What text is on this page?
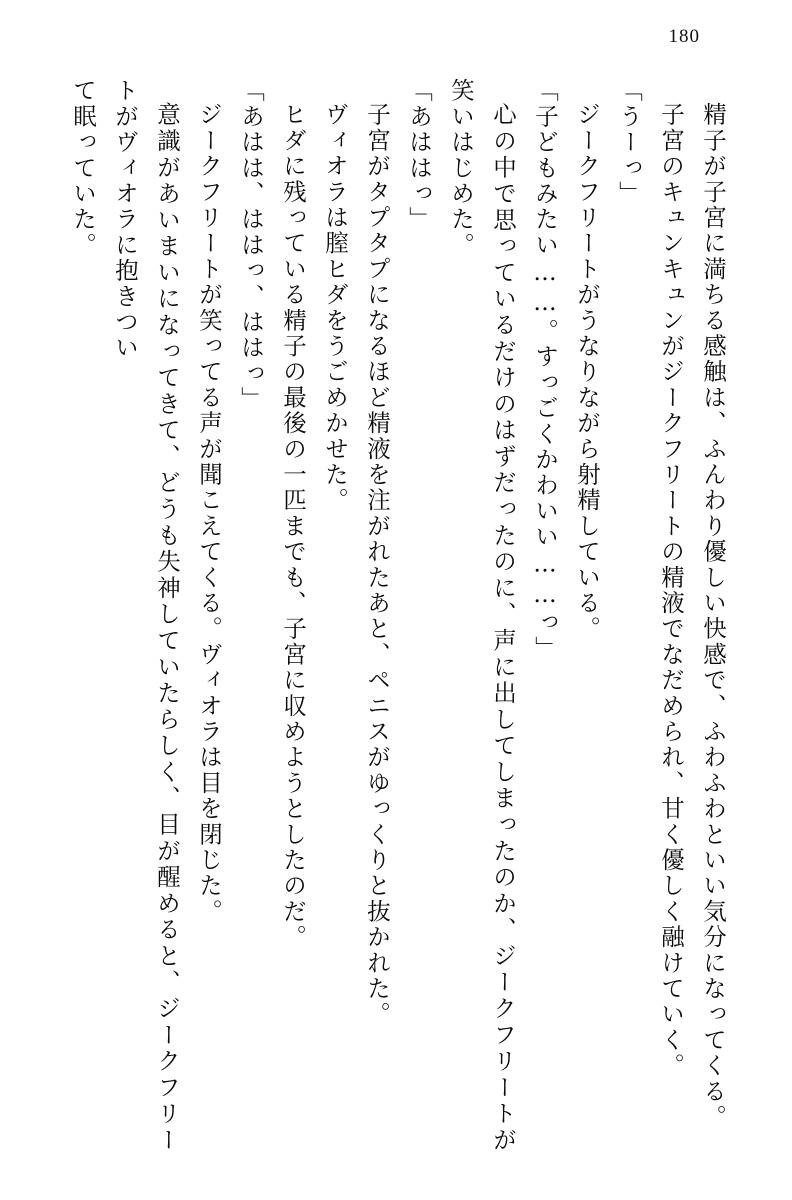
180

精子が子宮に満ちる感触は、ふんわり優しい快感で、ふわふわといい気分になってくる。

子宮のキュンキュンがジークフリートの精液でなだめられ、甘く優しく融けていく。

「うーっ」

ジークフリートがうなりながら射精している。

「子どもみたい……。すっごくかわいい……っ」

心の中で思っているだけのはずだったのに、声に出してしまったのか、ジークフリートが笑いはじめた。

「あははっ」

子宮がタプタプになるほど精液を注がれたあと、ペニスがゆっくりと抜かれた。

ヴィオラは膣ヒダをうごめかせた。

ヒダに残っている精子の最後の一匹までも、子宮に収めようとしたのだ。

「あはは、ははっ、ははっ」

ジークフリートが笑ってる声が聞こえてくる。ヴィオラは目を閉じた。

意識があいまいになってきて、どうも失神していたらしく、目が醒めると、ジークフリートがヴィオラに抱きつい

て眠っていた。
